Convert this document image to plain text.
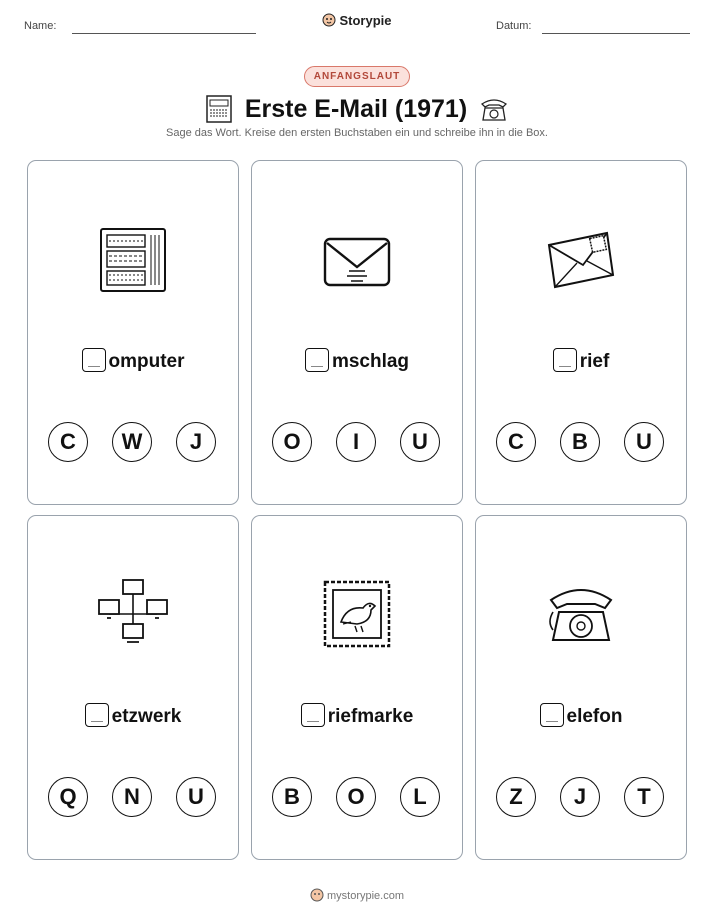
Name:	Storypie	Datum:
ANFANGSLAUT
Erste E-Mail (1971)
Sage das Wort. Kreise den ersten Buchstaben ein und schreibe ihn in die Box.
omputer
C	W	J
mschlag
O	I	U
rief
C	B	U
etzwerk
Q	N	U
riefmarke
B	O	L
elefon
Z	J	T
mystorypie.com
